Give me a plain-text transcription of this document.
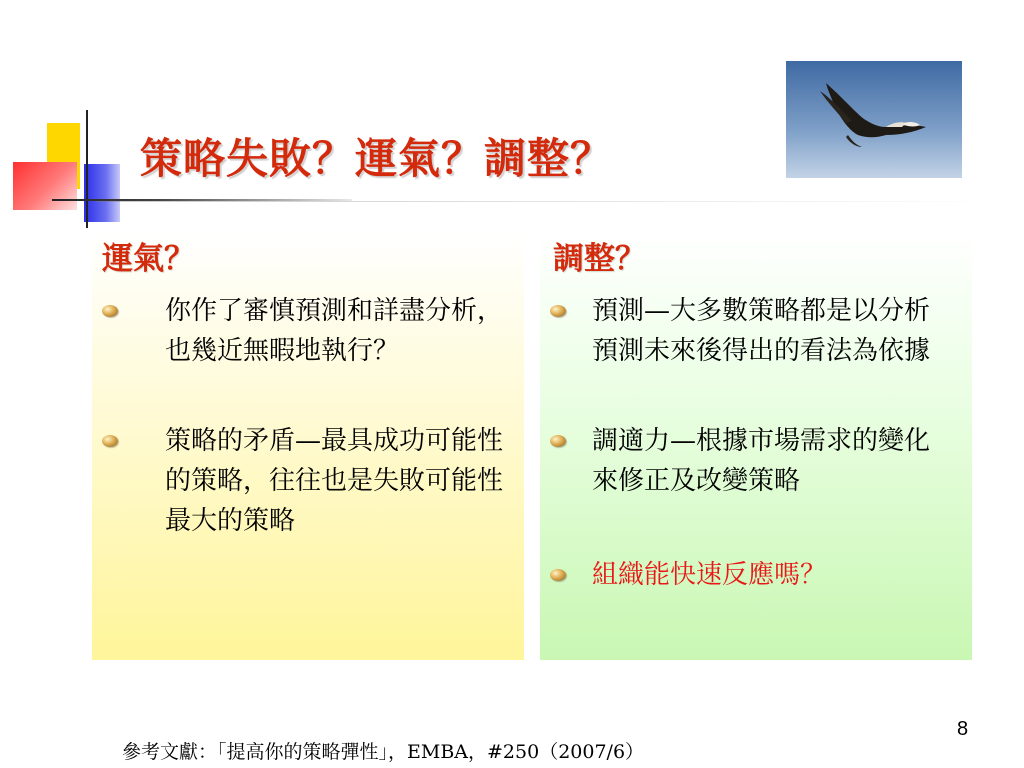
策略失敗？運氣？調整？
運氣？	調整？

你作了審慎預測和詳盡分析，也幾近無暇地執行？

策略的矛盾—最具成功可能性的策略，往往也是失敗可能性最大的策略

預測—大多數策略都是以分析預測未來後得出的看法為依據

調適力—根據市場需求的變化來修正及改變策略

組織能快速反應嗎？

8
參考文獻：「提高你的策略彈性」，EMBA，#250（2007/6）
